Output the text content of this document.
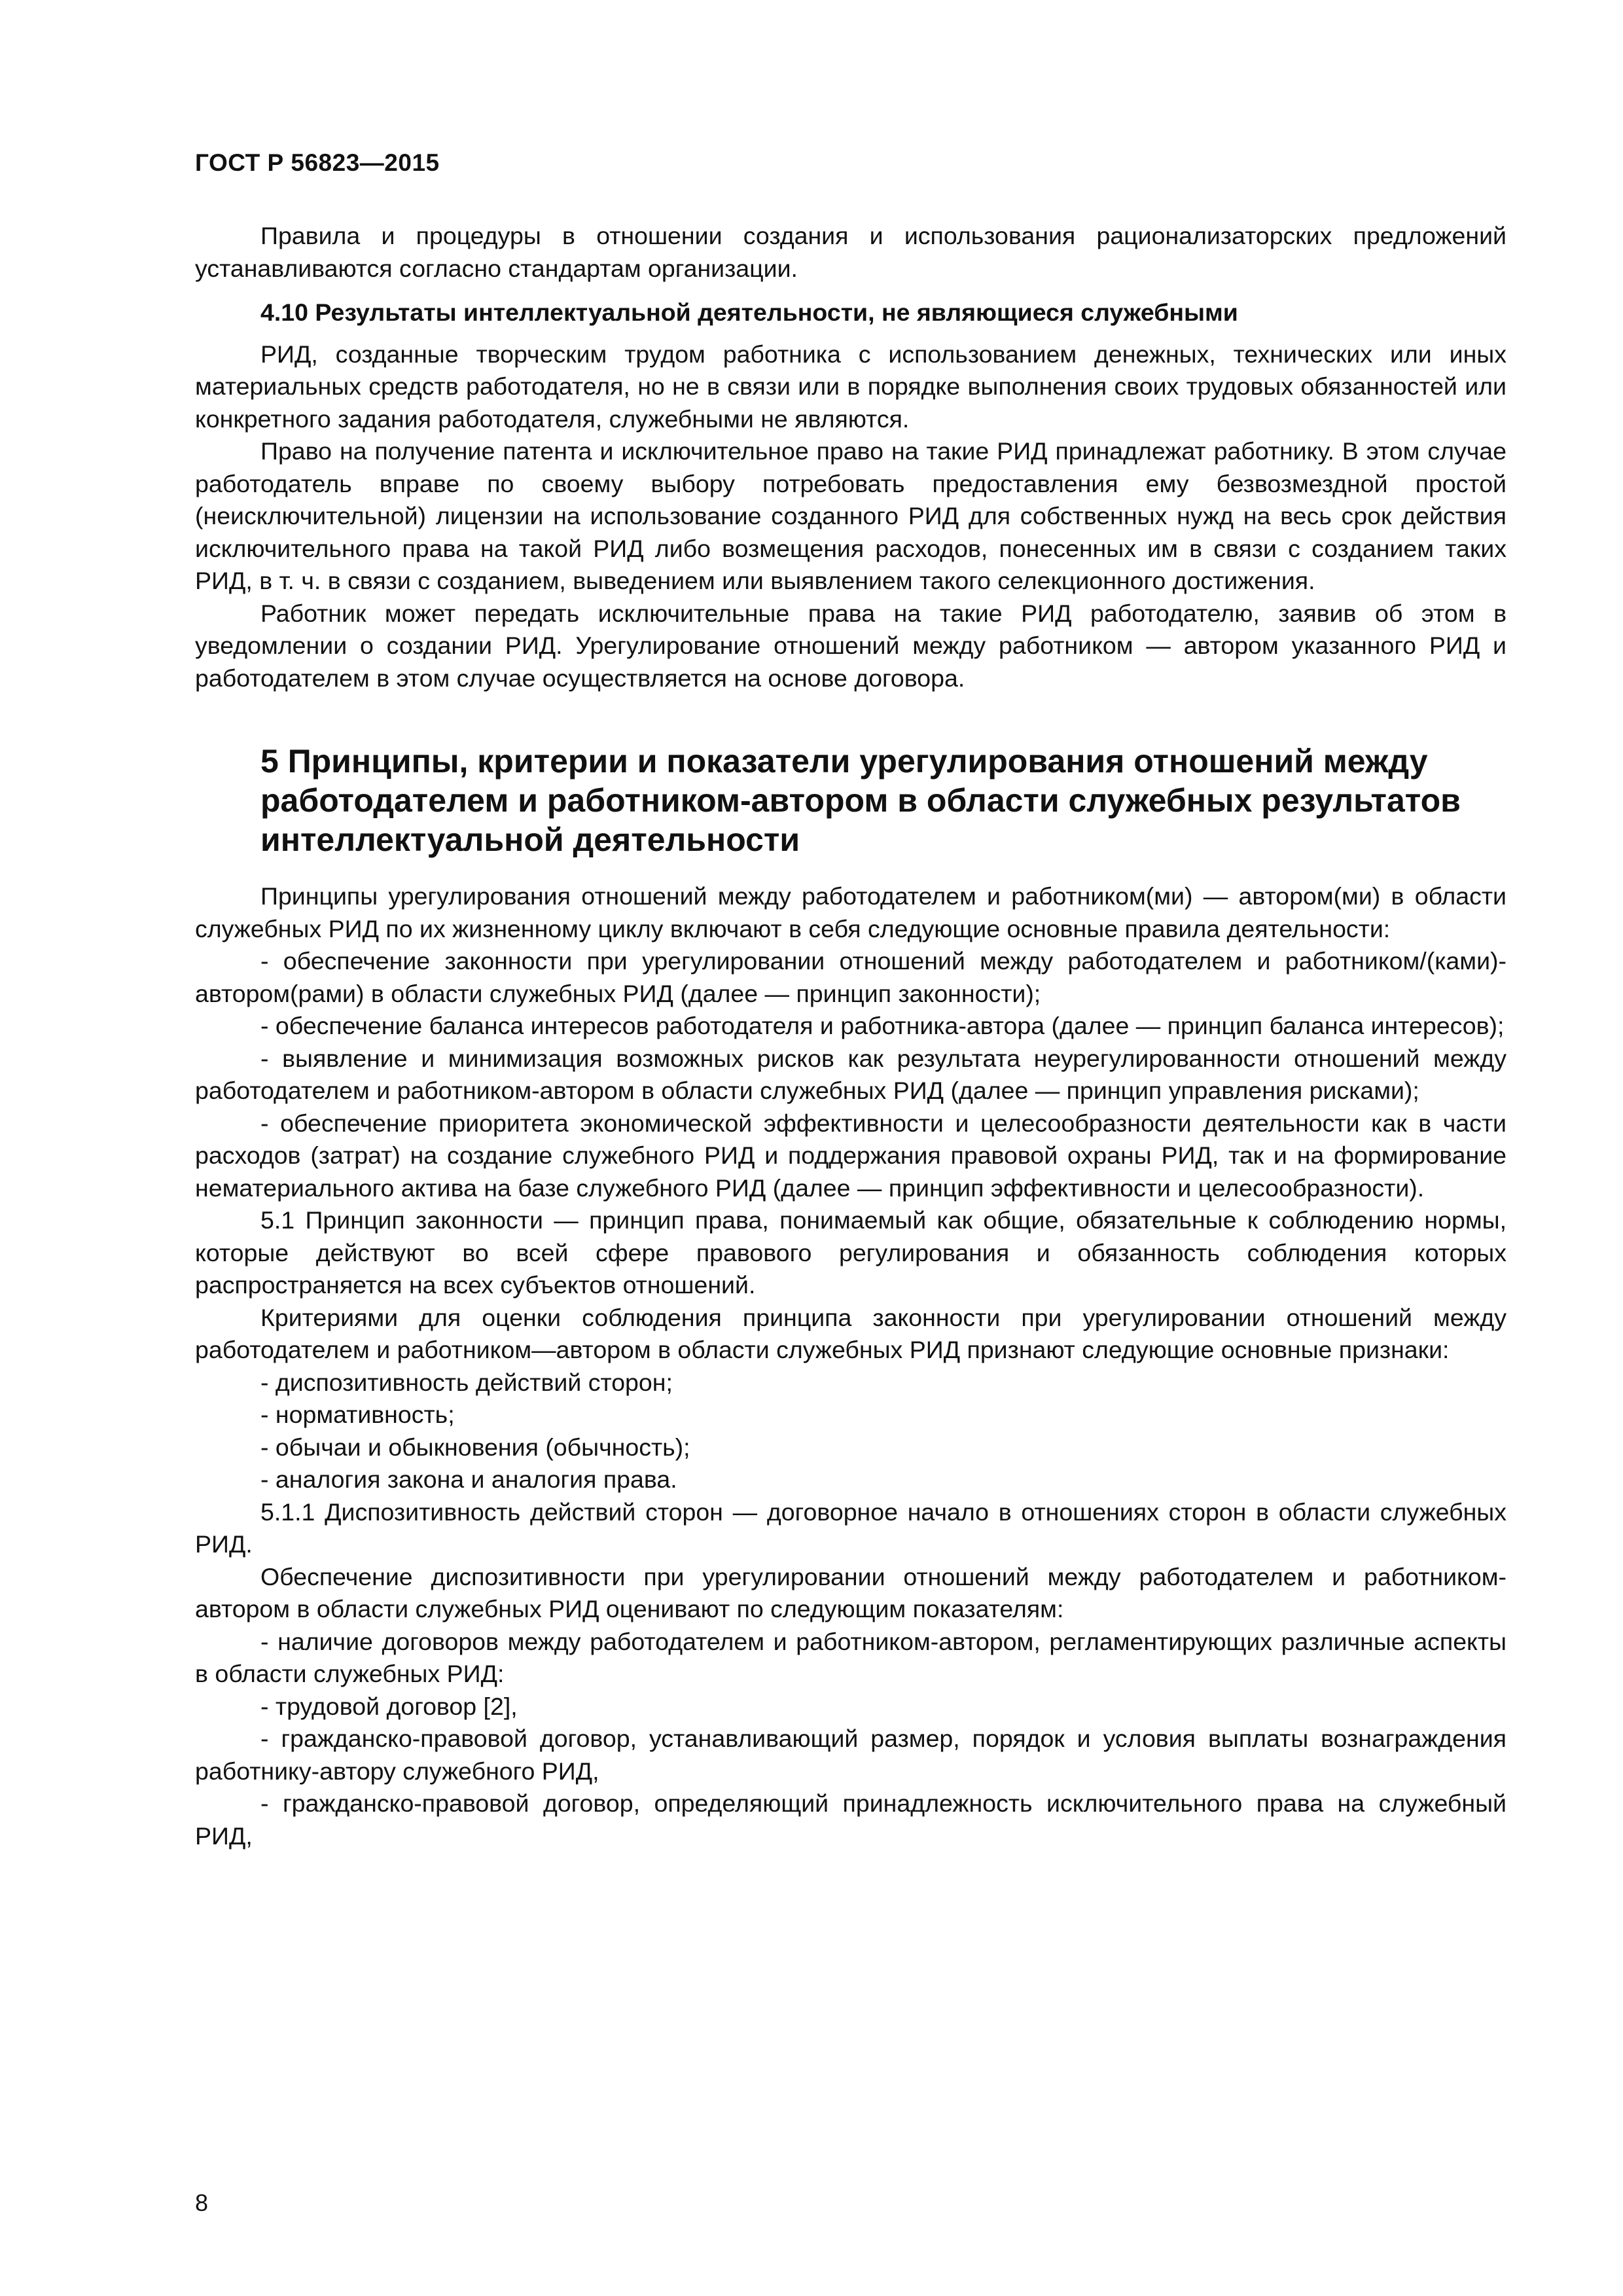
ГОСТ Р 56823—2015

Правила и процедуры в отношении создания и использования рационализаторских предложений устанавливаются согласно стандартам организации.

4.10 Результаты интеллектуальной деятельности, не являющиеся служебными

РИД, созданные творческим трудом работника с использованием денежных, технических или иных материальных средств работодателя, но не в связи или в порядке выполнения своих трудовых обязанностей или конкретного задания работодателя, служебными не являются.

Право на получение патента и исключительное право на такие РИД принадлежат работнику. В этом случае работодатель вправе по своему выбору потребовать предоставления ему безвозмездной простой (неисключительной) лицензии на использование созданного РИД для собственных нужд на весь срок действия исключительного права на такой РИД либо возмещения расходов, понесенных им в связи с созданием таких РИД, в т. ч. в связи с созданием, выведением или выявлением такого селекционного достижения.

Работник может передать исключительные права на такие РИД работодателю, заявив об этом в уведомлении о создании РИД. Урегулирование отношений между работником — автором указанного РИД и работодателем в этом случае осуществляется на основе договора.

5 Принципы, критерии и показатели урегулирования отношений между
работодателем и работником-автором в области служебных результатов
интеллектуальной деятельности

Принципы урегулирования отношений между работодателем и работником(ми) — автором(ми) в области служебных РИД по их жизненному циклу включают в себя следующие основные правила деятельности:

- обеспечение законности при урегулировании отношений между работодателем и работником/(ками)-автором(рами) в области служебных РИД (далее — принцип законности);

- обеспечение баланса интересов работодателя и работника-автора (далее — принцип баланса интересов);

- выявление и минимизация возможных рисков как результата неурегулированности отношений между работодателем и работником-автором в области служебных РИД (далее — принцип управления рисками);

- обеспечение приоритета экономической эффективности и целесообразности деятельности как в части расходов (затрат) на создание служебного РИД и поддержания правовой охраны РИД, так и на формирование нематериального актива на базе служебного РИД (далее — принцип эффективности и целесообразности).

5.1 Принцип законности — принцип права, понимаемый как общие, обязательные к соблюдению нормы, которые действуют во всей сфере правового регулирования и обязанность соблюдения которых распространяется на всех субъектов отношений.

Критериями для оценки соблюдения принципа законности при урегулировании отношений между работодателем и работником—автором в области служебных РИД признают следующие основные признаки:

- диспозитивность действий сторон;

- нормативность;

- обычаи и обыкновения (обычность);

- аналогия закона и аналогия права.

5.1.1 Диспозитивность действий сторон — договорное начало в отношениях сторон в области служебных РИД.

Обеспечение диспозитивности при урегулировании отношений между работодателем и работником-автором в области служебных РИД оценивают по следующим показателям:

- наличие договоров между работодателем и работником-автором, регламентирующих различные аспекты в области служебных РИД:

- трудовой договор [2],

- гражданско-правовой договор, устанавливающий размер, порядок и условия выплаты вознаграждения работнику-автору служебного РИД,

- гражданско-правовой договор, определяющий принадлежность исключительного права на служебный РИД,

8
